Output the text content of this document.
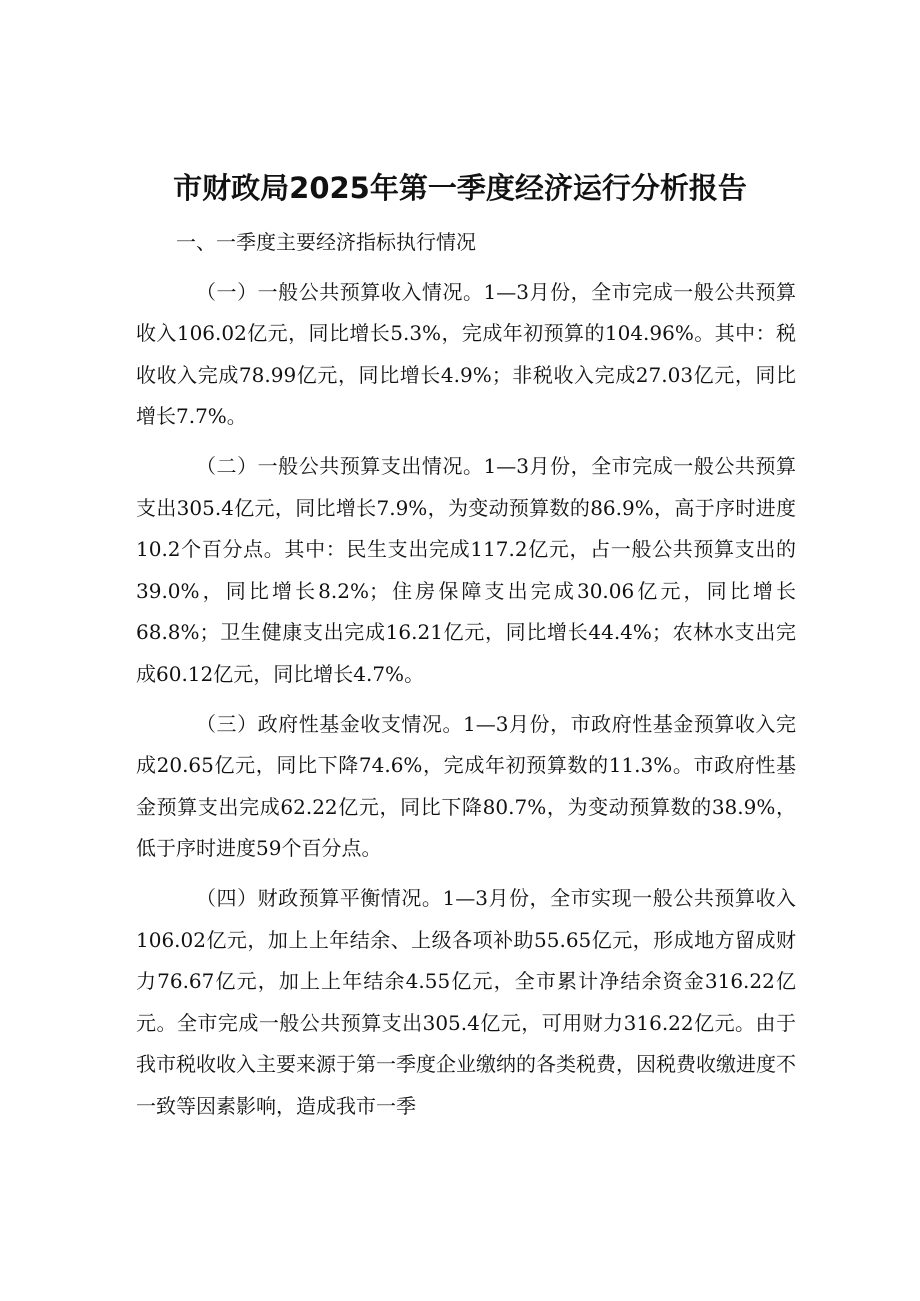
市财政局2025年第一季度经济运行分析报告

一、一季度主要经济指标执行情况

（一）一般公共预算收入情况。1—3月份，全市完成一般公共预算收入106.02亿元，同比增长5.3%，完成年初预算的104.96%。其中：税收收入完成78.99亿元，同比增长4.9%；非税收入完成27.03亿元，同比增长7.7%。

（二）一般公共预算支出情况。1—3月份，全市完成一般公共预算支出305.4亿元，同比增长7.9%，为变动预算数的86.9%，高于序时进度10.2个百分点。其中：民生支出完成117.2亿元，占一般公共预算支出的39.0%，同比增长8.2%；住房保障支出完成30.06亿元，同比增长68.8%；卫生健康支出完成16.21亿元，同比增长44.4%；农林水支出完成60.12亿元，同比增长4.7%。

（三）政府性基金收支情况。1—3月份，市政府性基金预算收入完成20.65亿元，同比下降74.6%，完成年初预算数的11.3%。市政府性基金预算支出完成62.22亿元，同比下降80.7%，为变动预算数的38.9%，低于序时进度59个百分点。

（四）财政预算平衡情况。1—3月份，全市实现一般公共预算收入106.02亿元，加上上年结余、上级各项补助55.65亿元，形成地方留成财力76.67亿元，加上上年结余4.55亿元，全市累计净结余资金316.22亿元。全市完成一般公共预算支出305.4亿元，可用财力316.22亿元。由于我市税收收入主要来源于第一季度企业缴纳的各类税费，因税费收缴进度不一致等因素影响，造成我市一季
